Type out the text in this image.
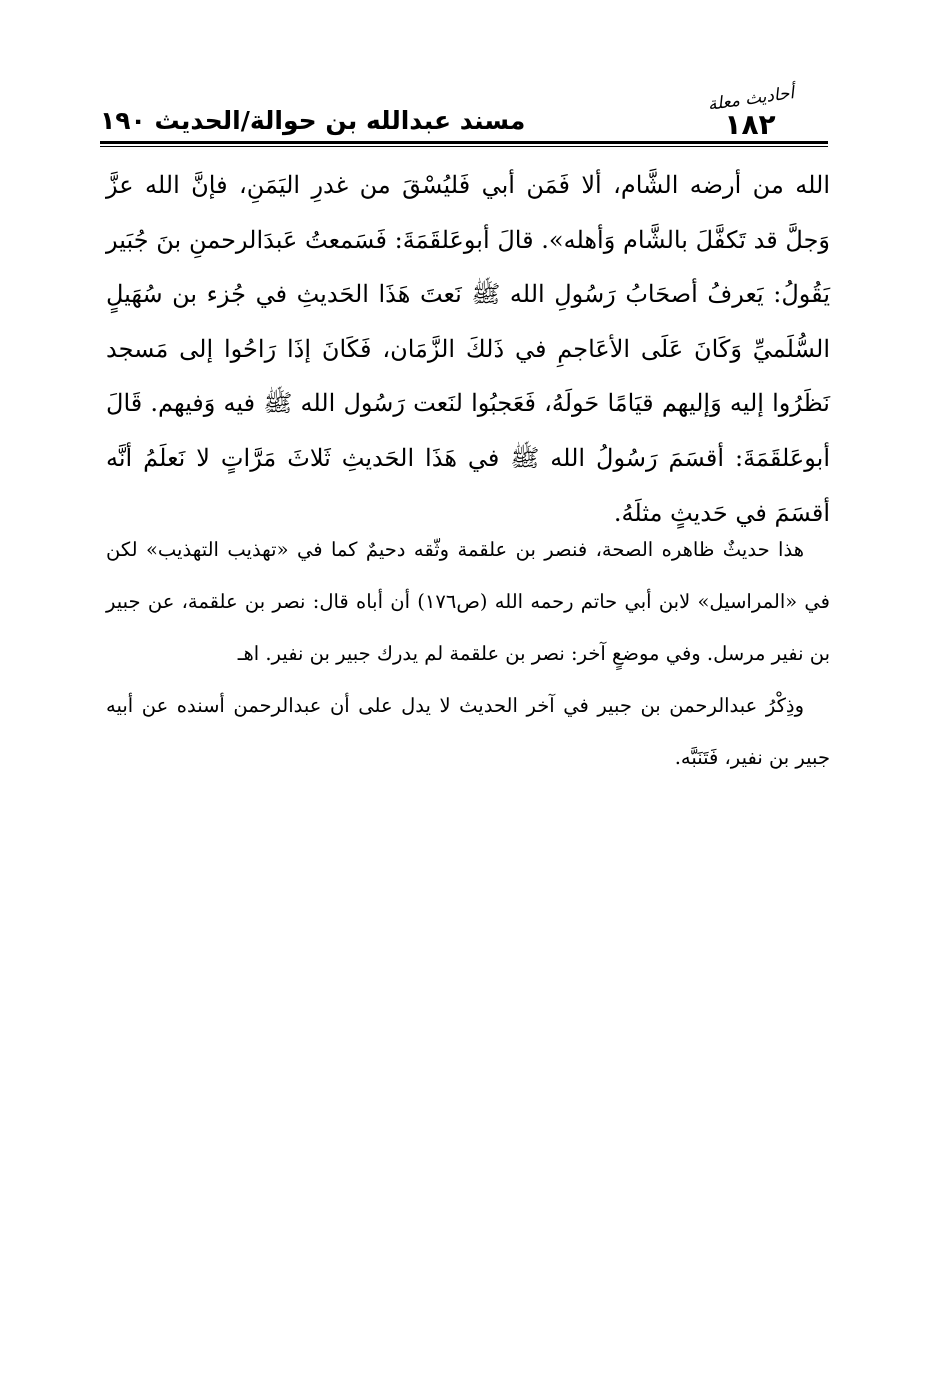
أحاديث معلة
١٨٢
مسند عبدالله بن حوالة/الحديث ١٩٠

الله من أرضه الشَّام، ألا فَمَن أبي فَليُسْقَ من غدرِ اليَمَنِ، فإنَّ الله عزَّ وَجلَّ قد تَكفَّلَ بالشَّام وَأهله». قالَ أبوعَلقَمَةَ: فَسَمعتُ عَبدَالرحمنِ بنَ جُبَير يَقُولُ: يَعرفُ أصحَابُ رَسُولِ الله ﷺ نَعتَ هَذَا الحَديثِ في جُزء بن سُهَيلٍ السُّلَميِّ وَكَانَ عَلَى الأعَاجمِ في ذَلكَ الزَّمَان، فَكَانَ إذَا رَاحُوا إلى مَسجد نَظَرُوا إليه وَإليهم قيَامًا حَولَهُ، فَعَجبُوا لنَعت رَسُول الله ﷺ فيه وَفيهم. قَالَ أبوعَلقَمَةَ: أقسَمَ رَسُولُ الله ﷺ في هَذَا الحَديثِ ثَلاثَ مَرَّاتٍ لا نَعلَمُ أنَّه أقسَمَ في حَديثٍ مثلَهُ.

هذا حديثٌ ظاهره الصحة، فنصر بن علقمة وثّقه دحيمٌ كما في «تهذيب التهذيب» لكن في «المراسيل» لابن أبي حاتم رحمه الله (ص١٧٦) أن أباه قال: نصر بن علقمة، عن جبير بن نفير مرسل. وفي موضعٍ آخر: نصر بن علقمة لم يدرك جبير بن نفير. اهـ

وذِكْرُ عبدالرحمن بن جبير في آخر الحديث لا يدل على أن عبدالرحمن أسنده عن أبيه جبير بن نفير، فَتَنَبَّه.
